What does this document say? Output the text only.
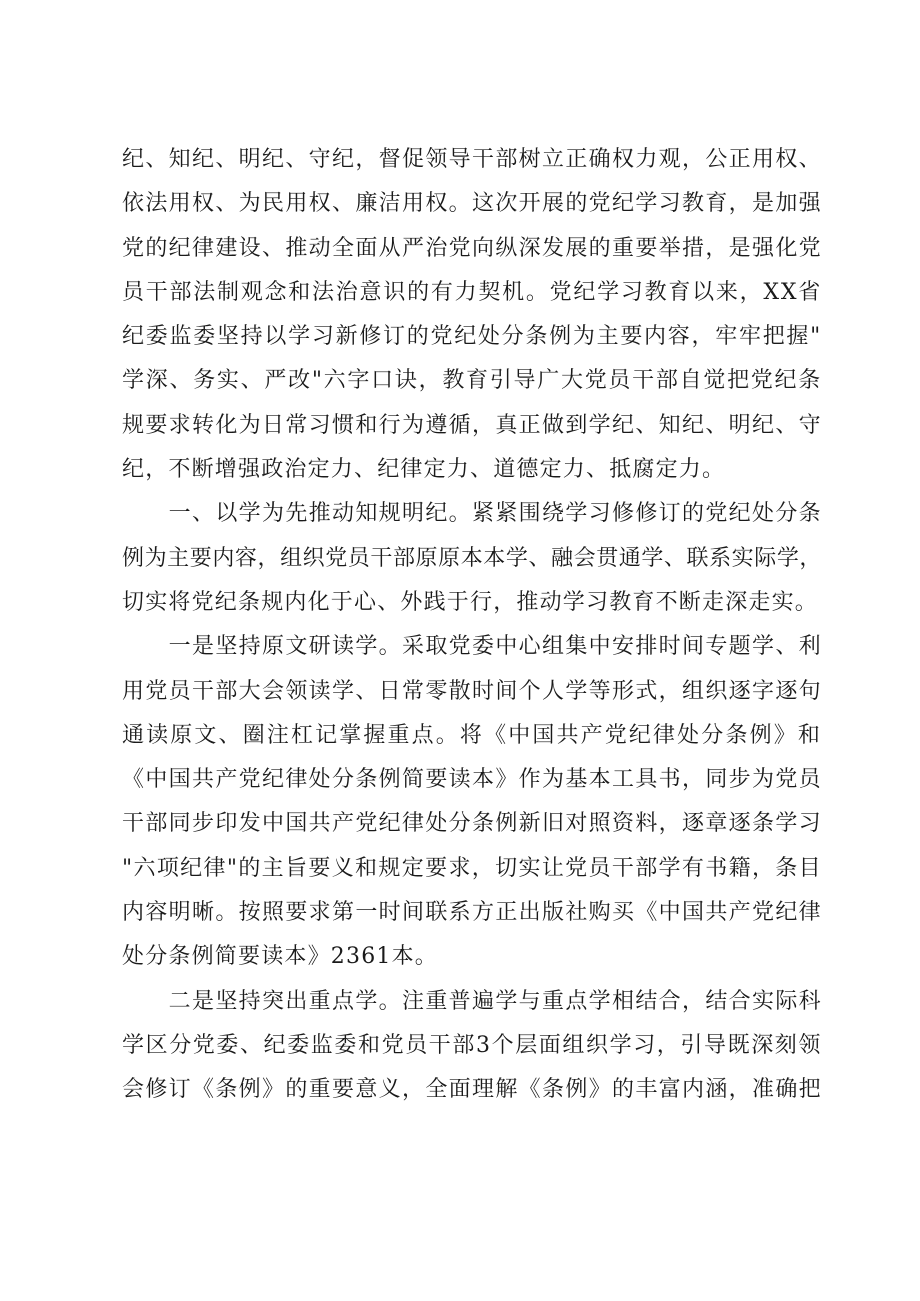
纪、知纪、明纪、守纪，督促领导干部树立正确权力观，公正用权、
依法用权、为民用权、廉洁用权。这次开展的党纪学习教育，是加强
党的纪律建设、推动全面从严治党向纵深发展的重要举措，是强化党
员干部法制观念和法治意识的有力契机。党纪学习教育以来，XX省
纪委监委坚持以学习新修订的党纪处分条例为主要内容，牢牢把握"
学深、务实、严改"六字口诀，教育引导广大党员干部自觉把党纪条
规要求转化为日常习惯和行为遵循，真正做到学纪、知纪、明纪、守
纪，不断增强政治定力、纪律定力、道德定力、抵腐定力。

　　一、以学为先推动知规明纪。紧紧围绕学习修修订的党纪处分条
例为主要内容，组织党员干部原原本本学、融会贯通学、联系实际学，
切实将党纪条规内化于心、外践于行，推动学习教育不断走深走实。

　　一是坚持原文研读学。采取党委中心组集中安排时间专题学、利
用党员干部大会领读学、日常零散时间个人学等形式，组织逐字逐句
通读原文、圈注杠记掌握重点。将《中国共产党纪律处分条例》和
《中国共产党纪律处分条例简要读本》作为基本工具书，同步为党员
干部同步印发中国共产党纪律处分条例新旧对照资料，逐章逐条学习
"六项纪律"的主旨要义和规定要求，切实让党员干部学有书籍，条目
内容明晰。按照要求第一时间联系方正出版社购买《中国共产党纪律
处分条例简要读本》2361本。

　　二是坚持突出重点学。注重普遍学与重点学相结合，结合实际科
学区分党委、纪委监委和党员干部3个层面组织学习，引导既深刻领
会修订《条例》的重要意义，全面理解《条例》的丰富内涵，准确把
